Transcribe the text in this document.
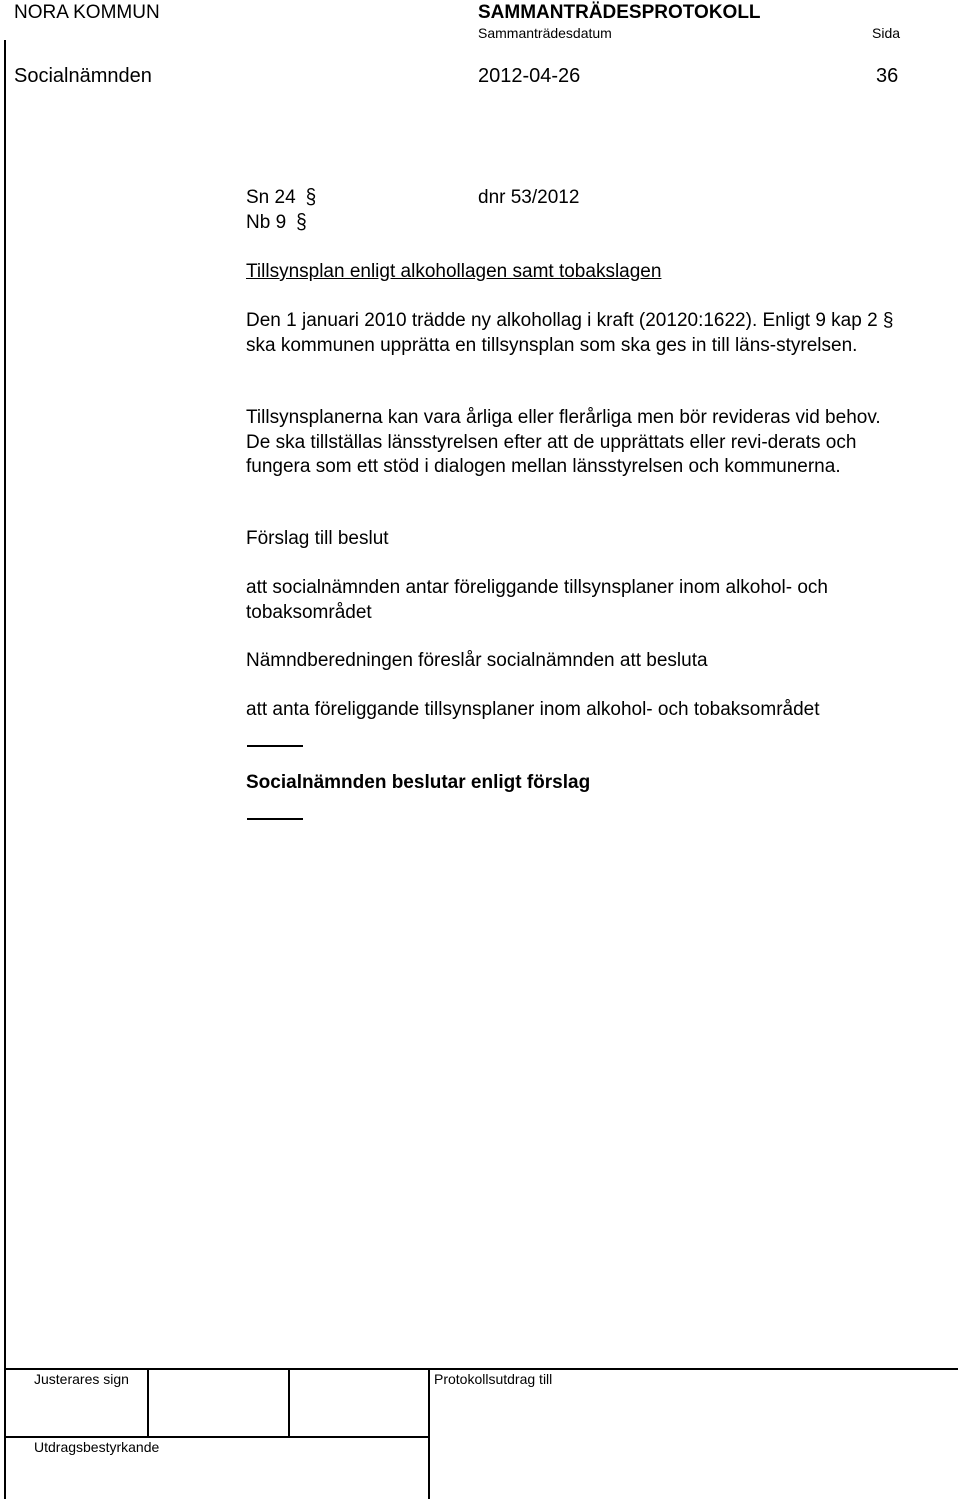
NORA KOMMUN	SAMMANTRÄDESPROTOKOLL
Sammanträdesdatum	Sida
Socialnämnden	2012-04-26	36
Sn 24 §	dnr 53/2012
Nb 9 §
Tillsynsplan enligt alkohollagen samt tobakslagen
Den 1 januari 2010 trädde ny alkohollag i kraft (20120:1622). Enligt 9 kap 2 § ska kommunen upprätta en tillsynsplan som ska ges in till läns-styrelsen.
Tillsynsplanerna kan vara årliga eller flerårliga men bör revideras vid behov. De ska tillställas länsstyrelsen efter att de upprättats eller revi-derats och fungera som ett stöd i dialogen mellan länsstyrelsen och kommunerna.
Förslag till beslut
att socialnämnden antar föreliggande tillsynsplaner inom alkohol- och tobaksområdet
Nämndberedningen föreslår socialnämnden att besluta
att anta föreliggande tillsynsplaner inom alkohol- och tobaksområdet
Socialnämnden beslutar enligt förslag
Justerares sign	Protokollsutdrag till
Utdragsbestyrkande
